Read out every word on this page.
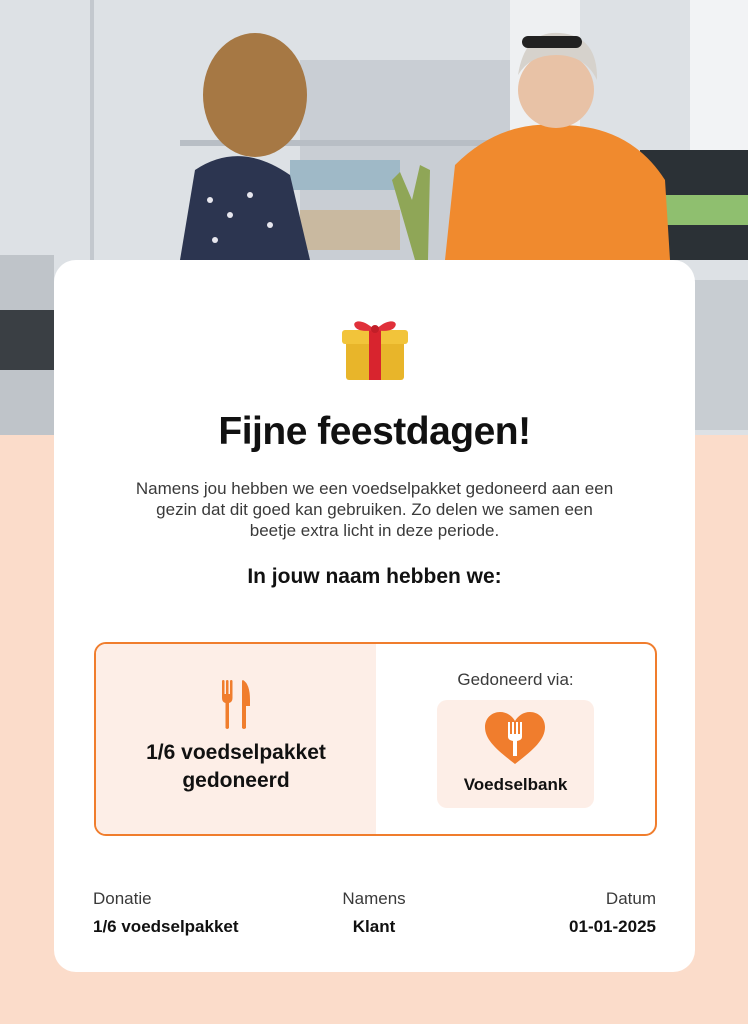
Fijne feestdagen!
Namens jou hebben we een voedselpakket gedoneerd aan een gezin dat dit goed kan gebruiken. Zo delen we samen een beetje extra licht in deze periode.
In jouw naam hebben we:
1/6 voedselpakket
gedoneerd
Gedoneerd via:
Voedselbank
Donatie
1/6 voedselpakket
Namens
Klant
Datum
01-01-2025
